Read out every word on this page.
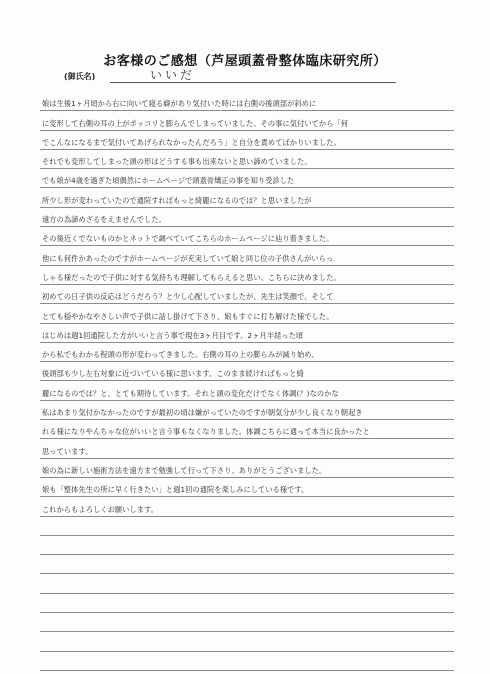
お客様のご感想（芦屋頭蓋骨整体臨床研究所）
(御氏名)	いいだ
娘は生後1ヶ月頃から右に向いて寝る癖があり気付いた時には右側の後頭部が斜めに
に変形して右側の耳の上がポッコリと膨らんでしまっていました。その事に気付いてから「何
でこんなになるまで気付いてあげられなかったんだろう」と自分を責めてばかりいました。
それでも変形してしまった頭の形はどうする事も出来ないと思い諦めていました。
でも娘が4歳を過ぎた頃偶然にホームページで頭蓋骨矯正の事を知り受診した
所少し形が変わっていたので通院すればもっと綺麗になるのでは？と思いましたが
遠方の為諦めざるをえませんでした。
その後近くでないものかとネットで調べていてこちらのホームページに辿り着きました。
他にも何件かあったのですがホームページが充実していて娘と同じ位の子供さんがいらっ
しゃる様だったので子供に対する気持ちも理解してもらえると思い、こちらに決めました。
初めての日子供の反応はどうだろう？と少し心配していましたが、先生は笑顔で、そして
とても穏やかなやさしい声で子供に話し掛けて下さり、娘もすぐに打ち解けた様でした。
はじめは週1回通院した方がいいと言う事で現在3ヶ月目です。2ヶ月半経った頃
から私でもわかる程頭の形が変わってきました。右側の耳の上の膨らみが減り始め、
後頭部も少し左右対象に近づいている様に思います。このまま続ければもっと綺
麗になるのでは？と、とても期待しています。それと頭の変化だけでなく体調(？)なのかな
私はあまり気付かなかったのですが最初の頃は嫌がっていたのですが朝気分が少し良くなり朝起き
れる様になりやんちゃな位がいいと言う事もなくなりました。体調こちらに通って本当に良かったと
思っています。
娘の為に新しい施術方法を遠方まで勉強して行って下さり、ありがとうございました。
娘も「整体先生の所に早く行きたい」と週1回の通院を楽しみにしている様です。
これからもよろしくお願いします。
